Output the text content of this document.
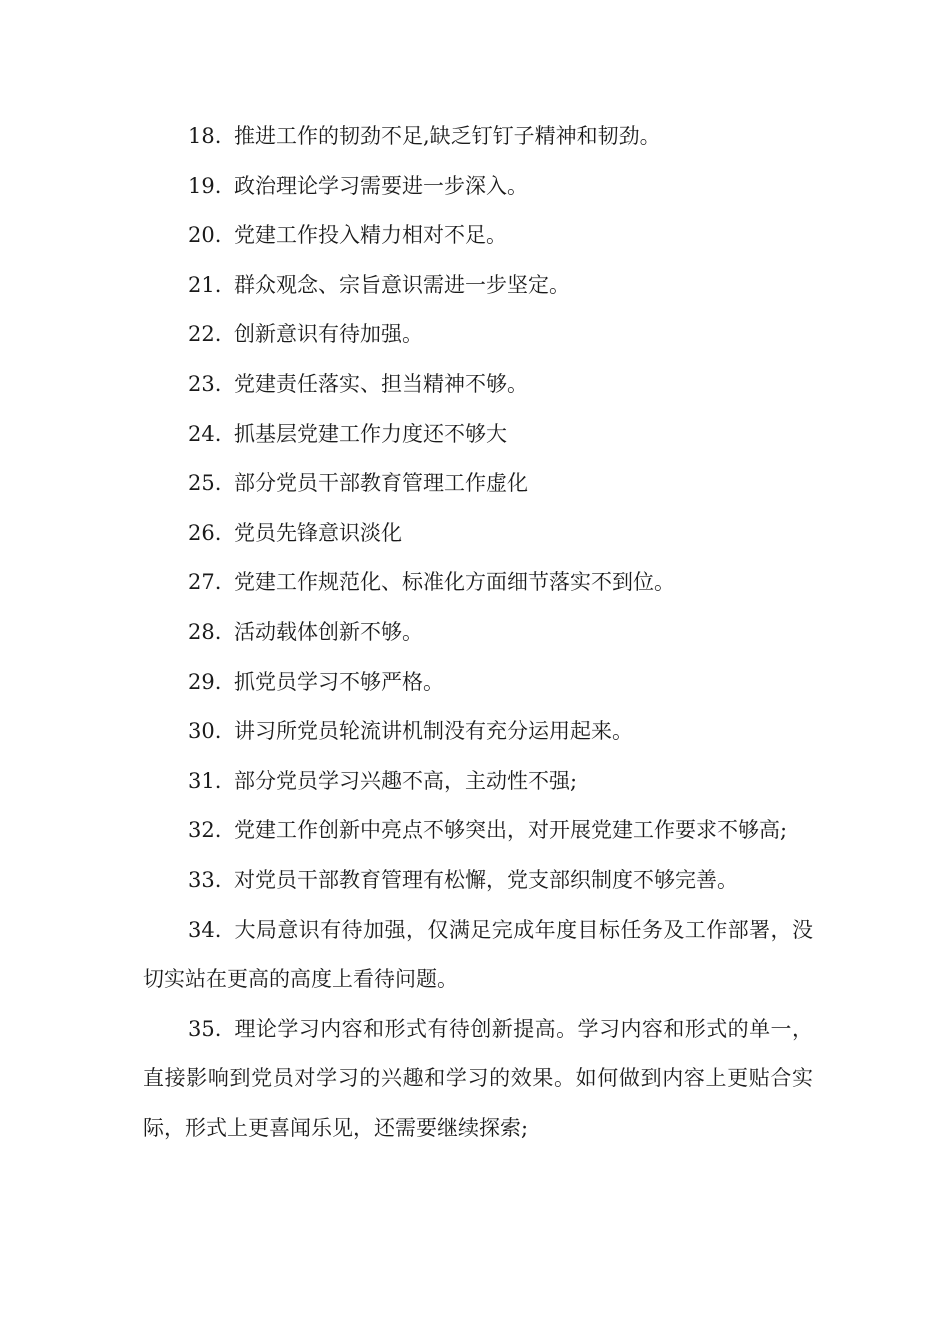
18. 推进工作的韧劲不足,缺乏钉钉子精神和韧劲。

19. 政治理论学习需要进一步深入。

20. 党建工作投入精力相对不足。

21. 群众观念、宗旨意识需进一步坚定。

22. 创新意识有待加强。

23. 党建责任落实、担当精神不够。

24. 抓基层党建工作力度还不够大

25. 部分党员干部教育管理工作虚化

26. 党员先锋意识淡化

27. 党建工作规范化、标准化方面细节落实不到位。

28. 活动载体创新不够。

29. 抓党员学习不够严格。

30. 讲习所党员轮流讲机制没有充分运用起来。

31. 部分党员学习兴趣不高，主动性不强;

32. 党建工作创新中亮点不够突出，对开展党建工作要求不够高;

33. 对党员干部教育管理有松懈，党支部织制度不够完善。

34. 大局意识有待加强，仅满足完成年度目标任务及工作部署，没切实站在更高的高度上看待问题。

35. 理论学习内容和形式有待创新提高。学习内容和形式的单一，直接影响到党员对学习的兴趣和学习的效果。如何做到内容上更贴合实际，形式上更喜闻乐见，还需要继续探索;
